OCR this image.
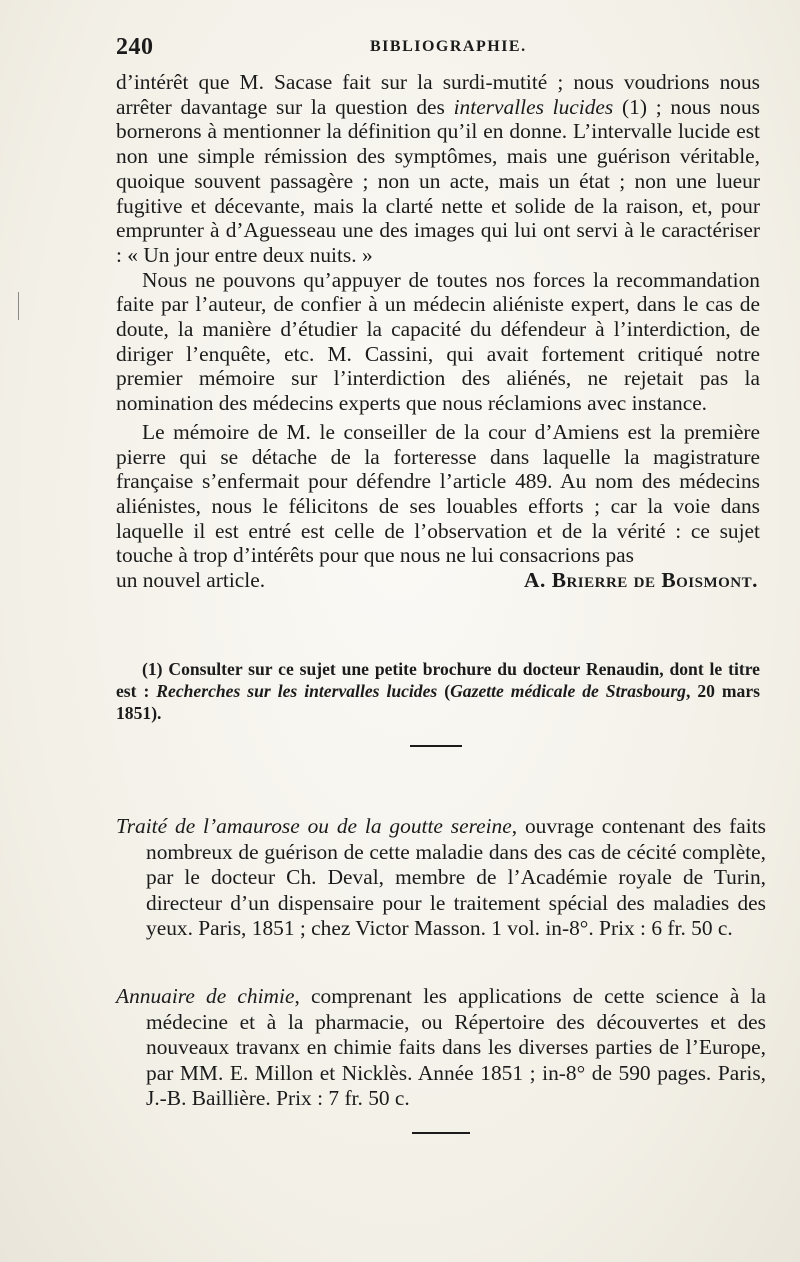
240	BIBLIOGRAPHIE.

d’intérêt que M. Sacase fait sur la surdi-mutité ; nous voudrions nous arrêter davantage sur la question des intervalles lucides (1) ; nous nous bornerons à mentionner la définition qu’il en donne. L’intervalle lucide est non une simple rémission des symptômes, mais une guérison véritable, quoique souvent passagère ; non un acte, mais un état ; non une lueur fugitive et décevante, mais la clarté nette et solide de la raison, et, pour emprunter à d’Aguesseau une des images qui lui ont servi à le caractériser : « Un jour entre deux nuits. »

Nous ne pouvons qu’appuyer de toutes nos forces la recommandation faite par l’auteur, de confier à un médecin aliéniste expert, dans le cas de doute, la manière d’étudier la capacité du défendeur à l’interdiction, de diriger l’enquête, etc. M. Cassini, qui avait fortement critiqué notre premier mémoire sur l’interdiction des aliénés, ne rejetait pas la nomination des médecins experts que nous réclamions avec instance.

Le mémoire de M. le conseiller de la cour d’Amiens est la première pierre qui se détache de la forteresse dans laquelle la magistrature française s’enfermait pour défendre l’article 489. Au nom des médecins aliénistes, nous le félicitons de ses louables efforts ; car la voie dans laquelle il est entré est celle de l’observation et de la vérité : ce sujet touche à trop d’intérêts pour que nous ne lui consacrions pas

un nouvel article.	A. Brierre de Boismont.

(1) Consulter sur ce sujet une petite brochure du docteur Renaudin, dont le titre est : Recherches sur les intervalles lucides (Gazette médicale de Strasbourg, 20 mars 1851).

Traité de l’amaurose ou de la goutte sereine, ouvrage contenant des faits nombreux de guérison de cette maladie dans des cas de cécité complète, par le docteur Ch. Deval, membre de l’Académie royale de Turin, directeur d’un dispensaire pour le traitement spécial des maladies des yeux. Paris, 1851 ; chez Victor Masson. 1 vol. in-8°. Prix : 6 fr. 50 c.

Annuaire de chimie, comprenant les applications de cette science à la médecine et à la pharmacie, ou Répertoire des découvertes et des nouveaux travanx en chimie faits dans les diverses parties de l’Europe, par MM. E. Millon et Nicklès. Année 1851 ; in-8° de 590 pages. Paris, J.-B. Baillière. Prix : 7 fr. 50 c.
